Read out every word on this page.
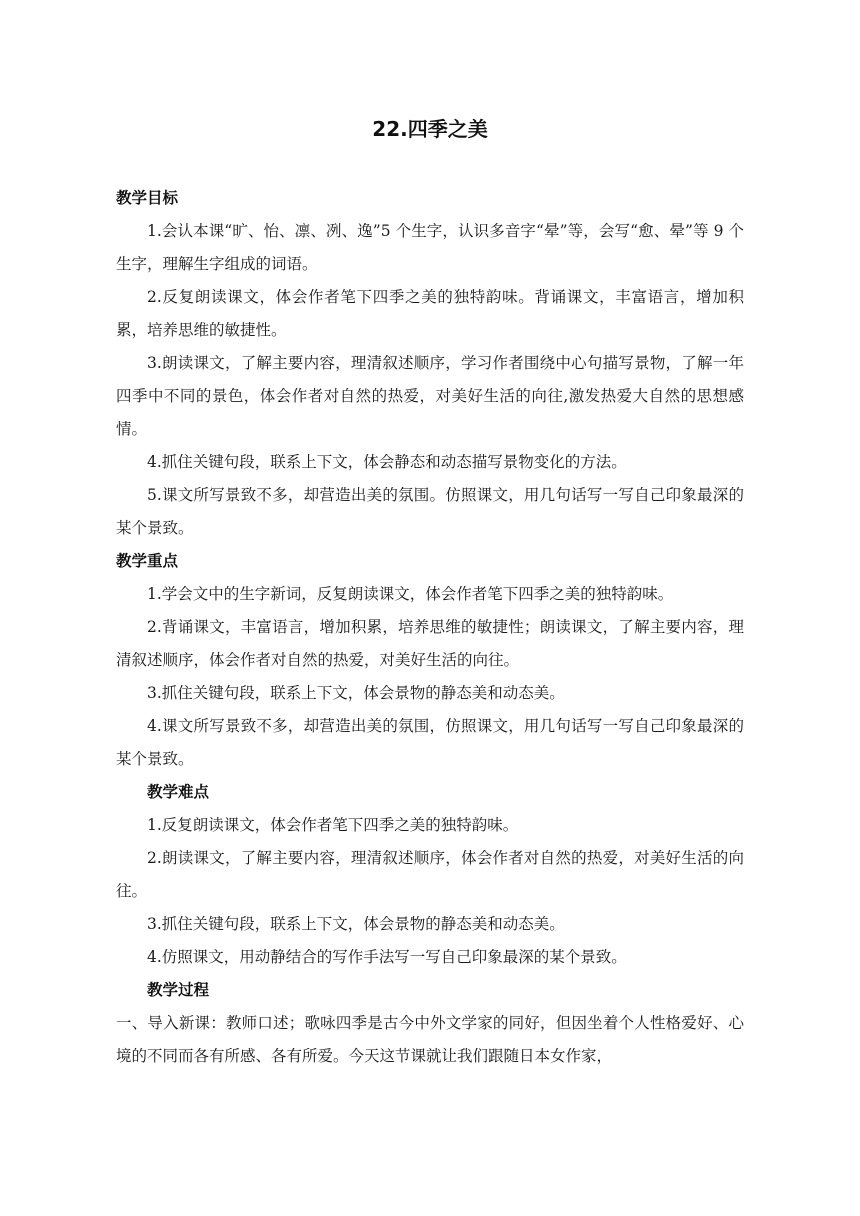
22.四季之美

教学目标

1.会认本课“旷、怡、凛、冽、逸”5 个生字，认识多音字“晕”等，会写“愈、晕”等 9 个生字，理解生字组成的词语。

2.反复朗读课文，体会作者笔下四季之美的独特韵味。背诵课文，丰富语言，增加积累，培养思维的敏捷性。

3.朗读课文，了解主要内容，理清叙述顺序，学习作者围绕中心句描写景物，了解一年四季中不同的景色，体会作者对自然的热爱，对美好生活的向往,激发热爱大自然的思想感情。

4.抓住关键句段，联系上下文，体会静态和动态描写景物变化的方法。

5.课文所写景致不多，却营造出美的氛围。仿照课文，用几句话写一写自己印象最深的某个景致。

教学重点

1.学会文中的生字新词，反复朗读课文，体会作者笔下四季之美的独特韵味。

2.背诵课文，丰富语言，增加积累，培养思维的敏捷性；朗读课文，了解主要内容，理清叙述顺序，体会作者对自然的热爱，对美好生活的向往。

3.抓住关键句段，联系上下文，体会景物的静态美和动态美。

4.课文所写景致不多，却营造出美的氛围，仿照课文，用几句话写一写自己印象最深的某个景致。

教学难点

1.反复朗读课文，体会作者笔下四季之美的独特韵味。

2.朗读课文，了解主要内容，理清叙述顺序，体会作者对自然的热爱，对美好生活的向往。

3.抓住关键句段，联系上下文，体会景物的静态美和动态美。

4.仿照课文，用动静结合的写作手法写一写自己印象最深的某个景致。

教学过程

一、导入新课：教师口述；歌咏四季是古今中外文学家的同好，但因坐着个人性格爱好、心境的不同而各有所感、各有所爱。今天这节课就让我们跟随日本女作家，
